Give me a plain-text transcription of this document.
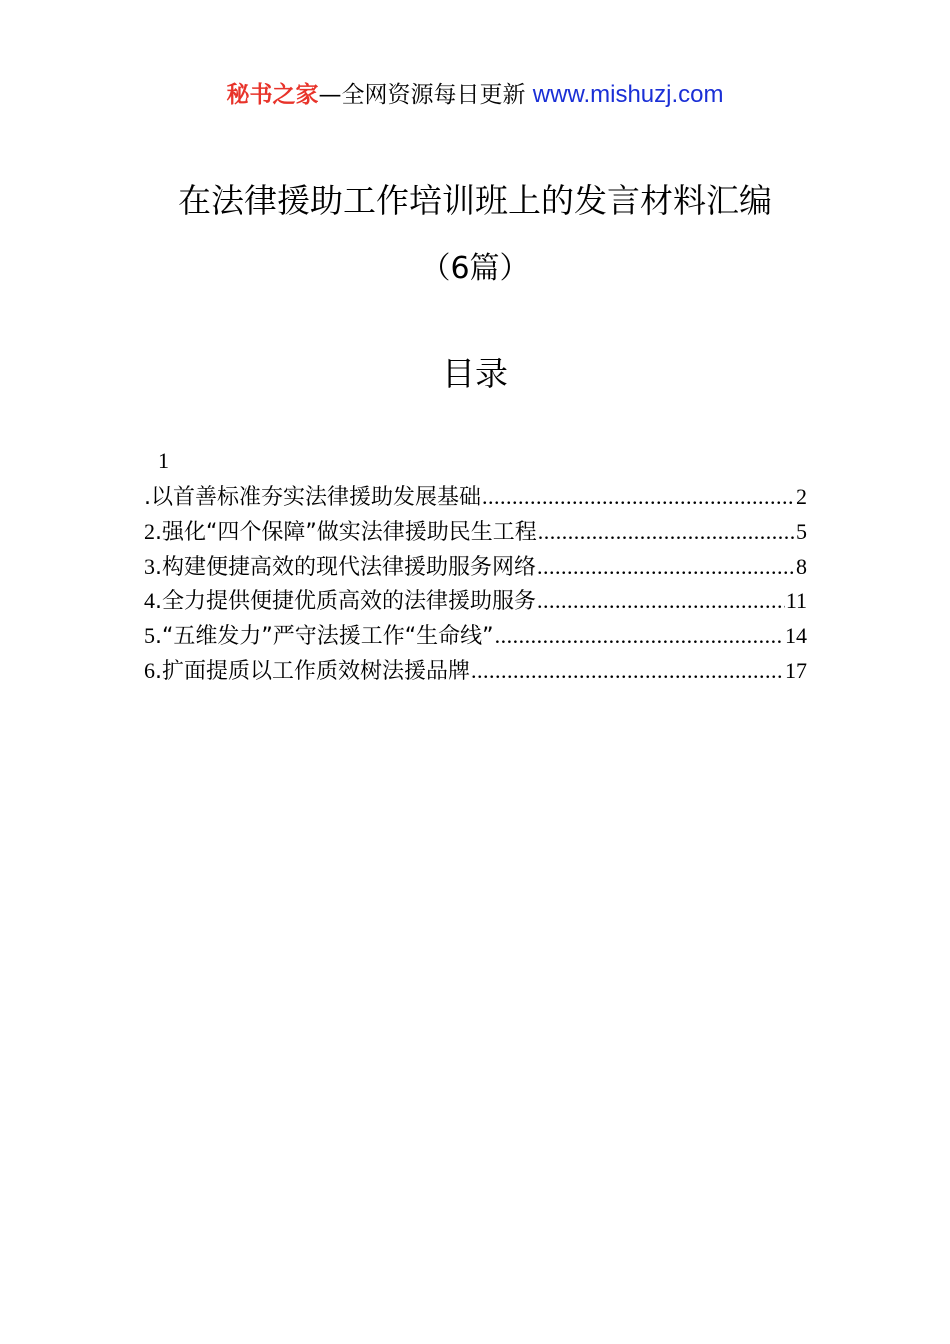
秘书之家—全网资源每日更新 www.mishuzj.com
在法律援助工作培训班上的发言材料汇编
（6篇）
目录
1
.以首善标准夯实法律援助发展基础 .....	2
2.强化“四个保障”做实法律援助民生工程 .....	5
3.构建便捷高效的现代法律援助服务网络 .....	8
4.全力提供便捷优质高效的法律援助服务 .....	11
5.“五维发力”严守法援工作“生命线” .....	14
6.扩面提质以工作质效树法援品牌 .....	17
